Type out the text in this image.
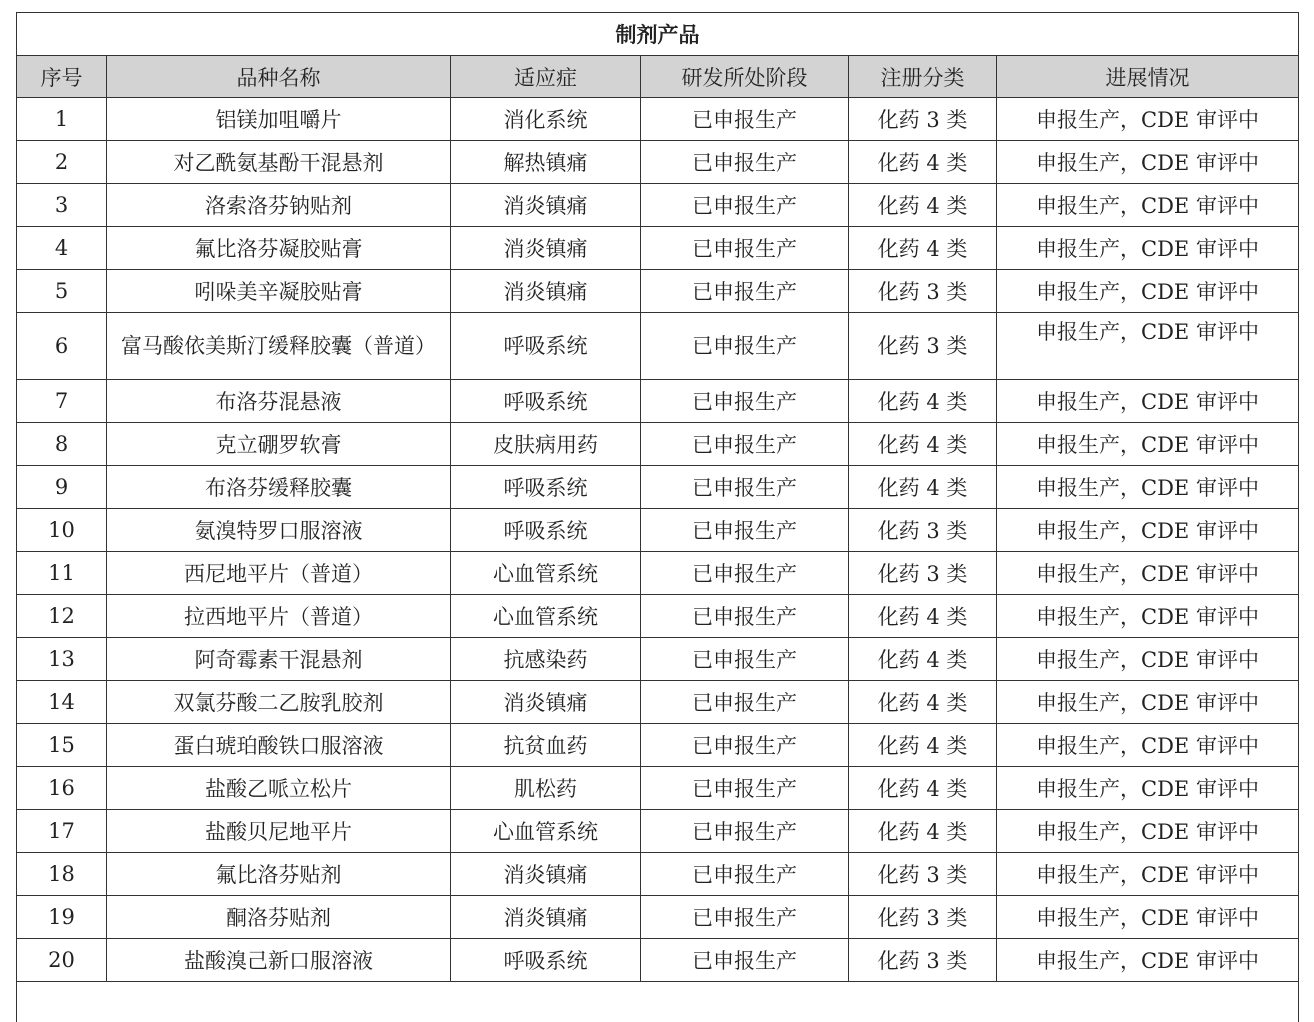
制剂产品					
序号	品种名称	适应症	研发所处阶段	注册分类	进展情况
1	铝镁加咀嚼片	消化系统	已申报生产	化药 3 类	申报生产，CDE 审评中
2	对乙酰氨基酚干混悬剂	解热镇痛	已申报生产	化药 4 类	申报生产，CDE 审评中
3	洛索洛芬钠贴剂	消炎镇痛	已申报生产	化药 4 类	申报生产，CDE 审评中
4	氟比洛芬凝胶贴膏	消炎镇痛	已申报生产	化药 4 类	申报生产，CDE 审评中
5	吲哚美辛凝胶贴膏	消炎镇痛	已申报生产	化药 3 类	申报生产，CDE 审评中
6	富马酸依美斯汀缓释胶囊（普道）	呼吸系统	已申报生产	化药 3 类	申报生产，CDE 审评中
7	布洛芬混悬液	呼吸系统	已申报生产	化药 4 类	申报生产，CDE 审评中
8	克立硼罗软膏	皮肤病用药	已申报生产	化药 4 类	申报生产，CDE 审评中
9	布洛芬缓释胶囊	呼吸系统	已申报生产	化药 4 类	申报生产，CDE 审评中
10	氨溴特罗口服溶液	呼吸系统	已申报生产	化药 3 类	申报生产，CDE 审评中
11	西尼地平片（普道）	心血管系统	已申报生产	化药 3 类	申报生产，CDE 审评中
12	拉西地平片（普道）	心血管系统	已申报生产	化药 4 类	申报生产，CDE 审评中
13	阿奇霉素干混悬剂	抗感染药	已申报生产	化药 4 类	申报生产，CDE 审评中
14	双氯芬酸二乙胺乳胶剂	消炎镇痛	已申报生产	化药 4 类	申报生产，CDE 审评中
15	蛋白琥珀酸铁口服溶液	抗贫血药	已申报生产	化药 4 类	申报生产，CDE 审评中
16	盐酸乙哌立松片	肌松药	已申报生产	化药 4 类	申报生产，CDE 审评中
17	盐酸贝尼地平片	心血管系统	已申报生产	化药 4 类	申报生产，CDE 审评中
18	氟比洛芬贴剂	消炎镇痛	已申报生产	化药 3 类	申报生产，CDE 审评中
19	酮洛芬贴剂	消炎镇痛	已申报生产	化药 3 类	申报生产，CDE 审评中
20	盐酸溴己新口服溶液	呼吸系统	已申报生产	化药 3 类	申报生产，CDE 审评中
